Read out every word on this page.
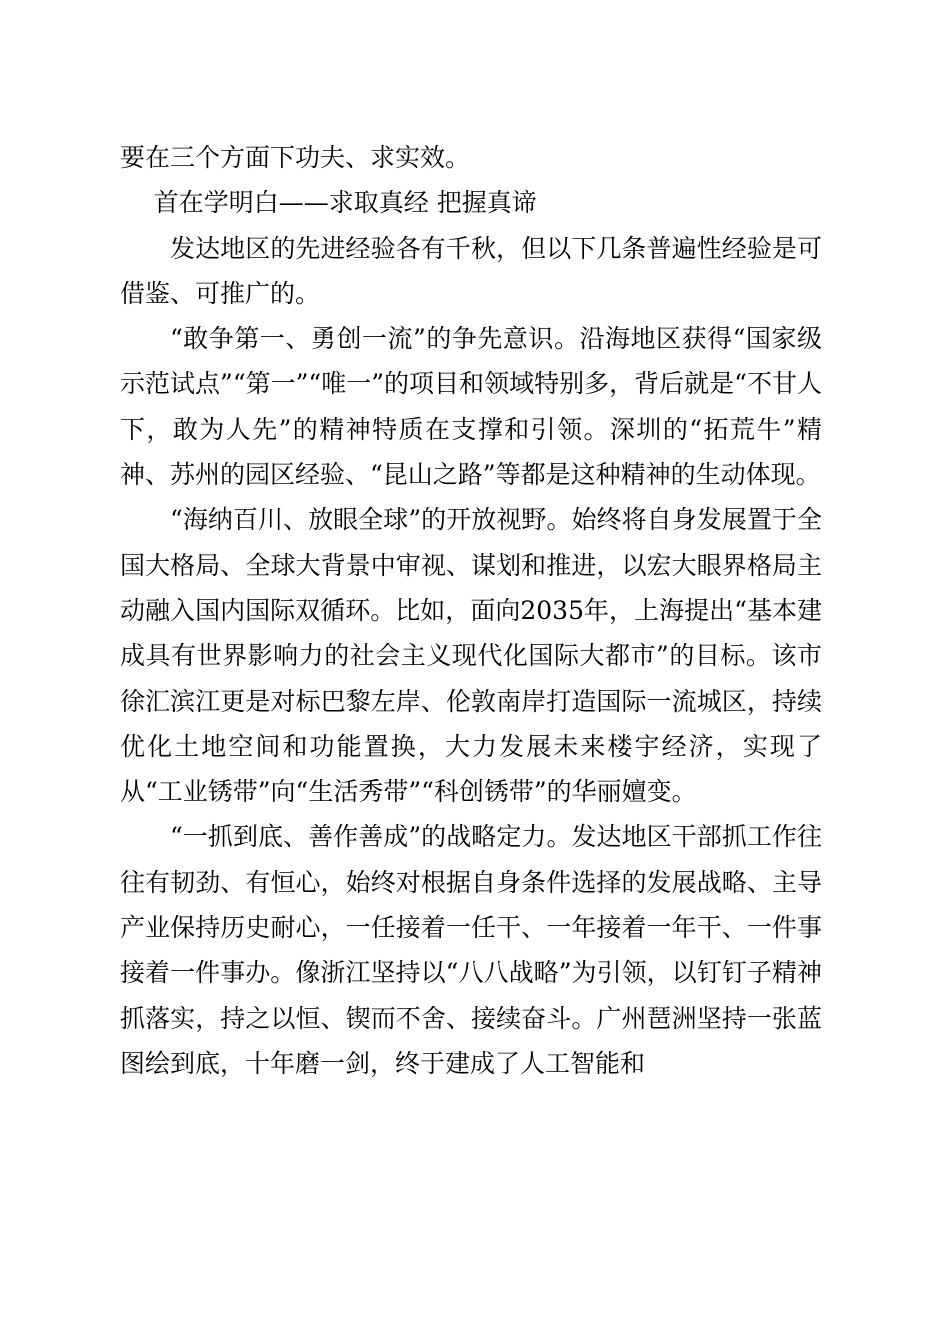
要在三个方面下功夫、求实效。

首在学明白——求取真经 把握真谛

发达地区的先进经验各有千秋，但以下几条普遍性经验是可借鉴、可推广的。

“敢争第一、勇创一流”的争先意识。沿海地区获得“国家级示范试点”“第一”“唯一”的项目和领域特别多，背后就是“不甘人下，敢为人先”的精神特质在支撑和引领。深圳的“拓荒牛”精神、苏州的园区经验、“昆山之路”等都是这种精神的生动体现。

“海纳百川、放眼全球”的开放视野。始终将自身发展置于全国大格局、全球大背景中审视、谋划和推进，以宏大眼界格局主动融入国内国际双循环。比如，面向2035年，上海提出“基本建成具有世界影响力的社会主义现代化国际大都市”的目标。该市徐汇滨江更是对标巴黎左岸、伦敦南岸打造国际一流城区，持续优化土地空间和功能置换，大力发展未来楼宇经济，实现了从“工业锈带”向“生活秀带”“科创锈带”的华丽嬗变。

“一抓到底、善作善成”的战略定力。发达地区干部抓工作往往有韧劲、有恒心，始终对根据自身条件选择的发展战略、主导产业保持历史耐心，一任接着一任干、一年接着一年干、一件事接着一件事办。像浙江坚持以“八八战略”为引领，以钉钉子精神抓落实，持之以恒、锲而不舍、接续奋斗。广州琶洲坚持一张蓝图绘到底，十年磨一剑，终于建成了人工智能和
